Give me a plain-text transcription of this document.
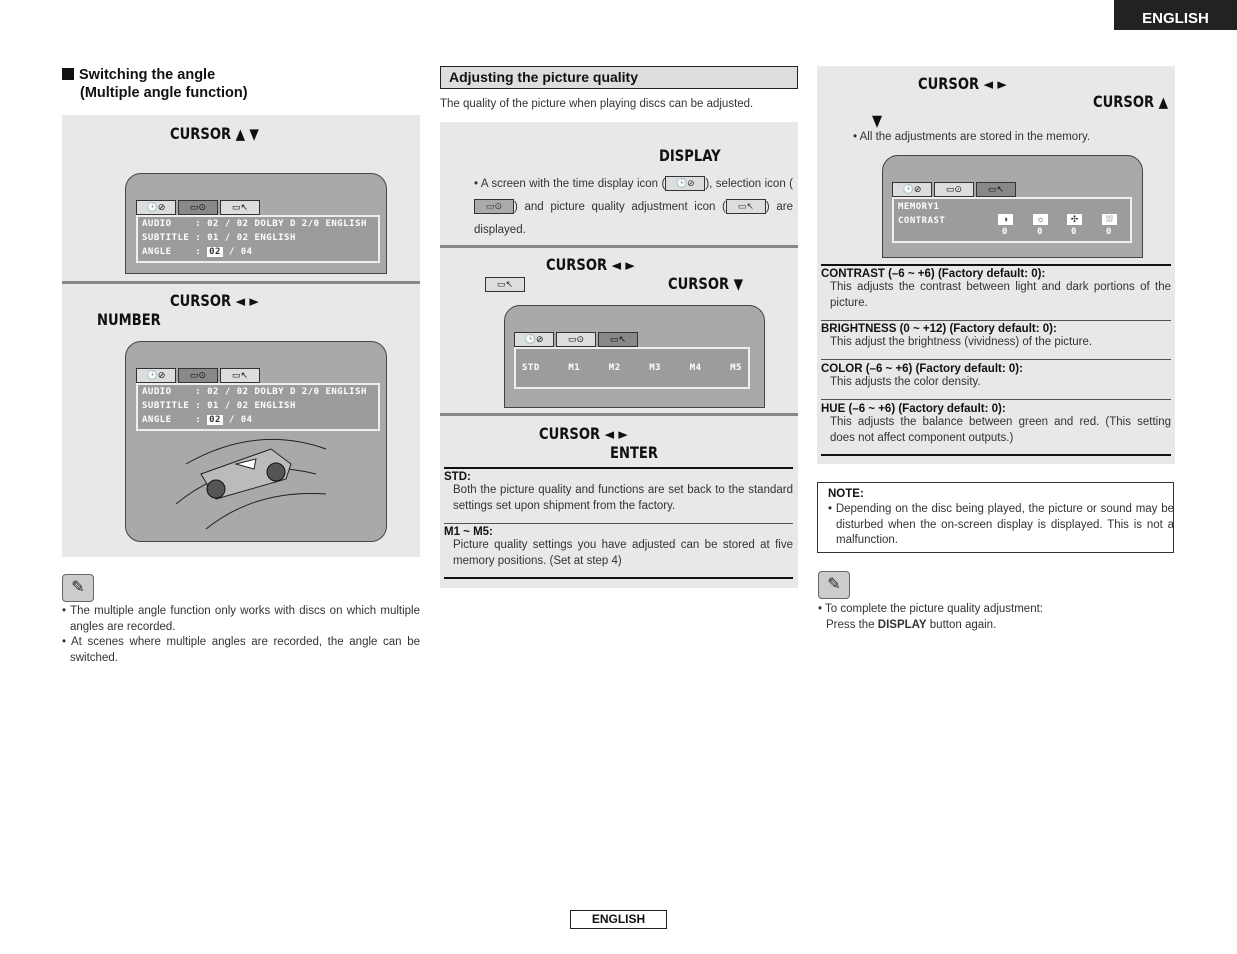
ENGLISH
Switching the angle
(Multiple angle function)
CURSOR ▲ ▼
🕒⊘	▭⊙	▭↖
AUDIO    : 02 / 02 DOLBY D 2/0 ENGLISH
SUBTITLE : 01 / 02 ENGLISH
ANGLE    : 02 / 04
CURSOR ◄ ►
NUMBER
🕒⊘	▭⊙	▭↖
AUDIO    : 02 / 02 DOLBY D 2/0 ENGLISH
SUBTITLE : 01 / 02 ENGLISH
ANGLE    : 02 / 04
✎
• The multiple angle function only works with discs on which multiple angles are recorded.
• At scenes where multiple angles are recorded, the angle can be switched.
Adjusting the picture quality
The quality of the picture when playing discs can be adjusted.
DISPLAY
• A screen with the time display icon ( 🕒⊘ ), selection icon (▭⊙ ) and picture quality adjustment icon ( ▭↖ ) are displayed.
CURSOR ◄ ►
▭↖	CURSOR ▼
🕒⊘	▭⊙	▭↖
STD	M1	M2	M3	M4	M5
CURSOR ◄ ►
ENTER
STD:
Both the picture quality and functions are set back to the standard settings set upon shipment from the factory.
M1 ~ M5:
Picture quality settings you have adjusted can be stored at five memory positions. (Set at step 4)
CURSOR ◄ ►
CURSOR ▲
▼
• All the adjustments are stored in the memory.
🕒⊘	▭⊙	▭↖
MEMORY1
CONTRAST	◑	☼	✣	⛆
0	0	0	0
CONTRAST (–6 ~ +6) (Factory default: 0):
This adjusts the contrast between light and dark portions of the picture.
BRIGHTNESS (0 ~ +12) (Factory default: 0):
This adjust the brightness (vividness) of the picture.
COLOR (–6 ~ +6) (Factory default: 0):
This adjusts the color density.
HUE (–6 ~ +6) (Factory default: 0):
This adjusts the balance between green and red. (This setting does not affect component outputs.)
NOTE:
• Depending on the disc being played, the picture or sound may be disturbed when the on-screen display is displayed. This is not a malfunction.
✎
• To complete the picture quality adjustment:
Press the DISPLAY button again.
ENGLISH
